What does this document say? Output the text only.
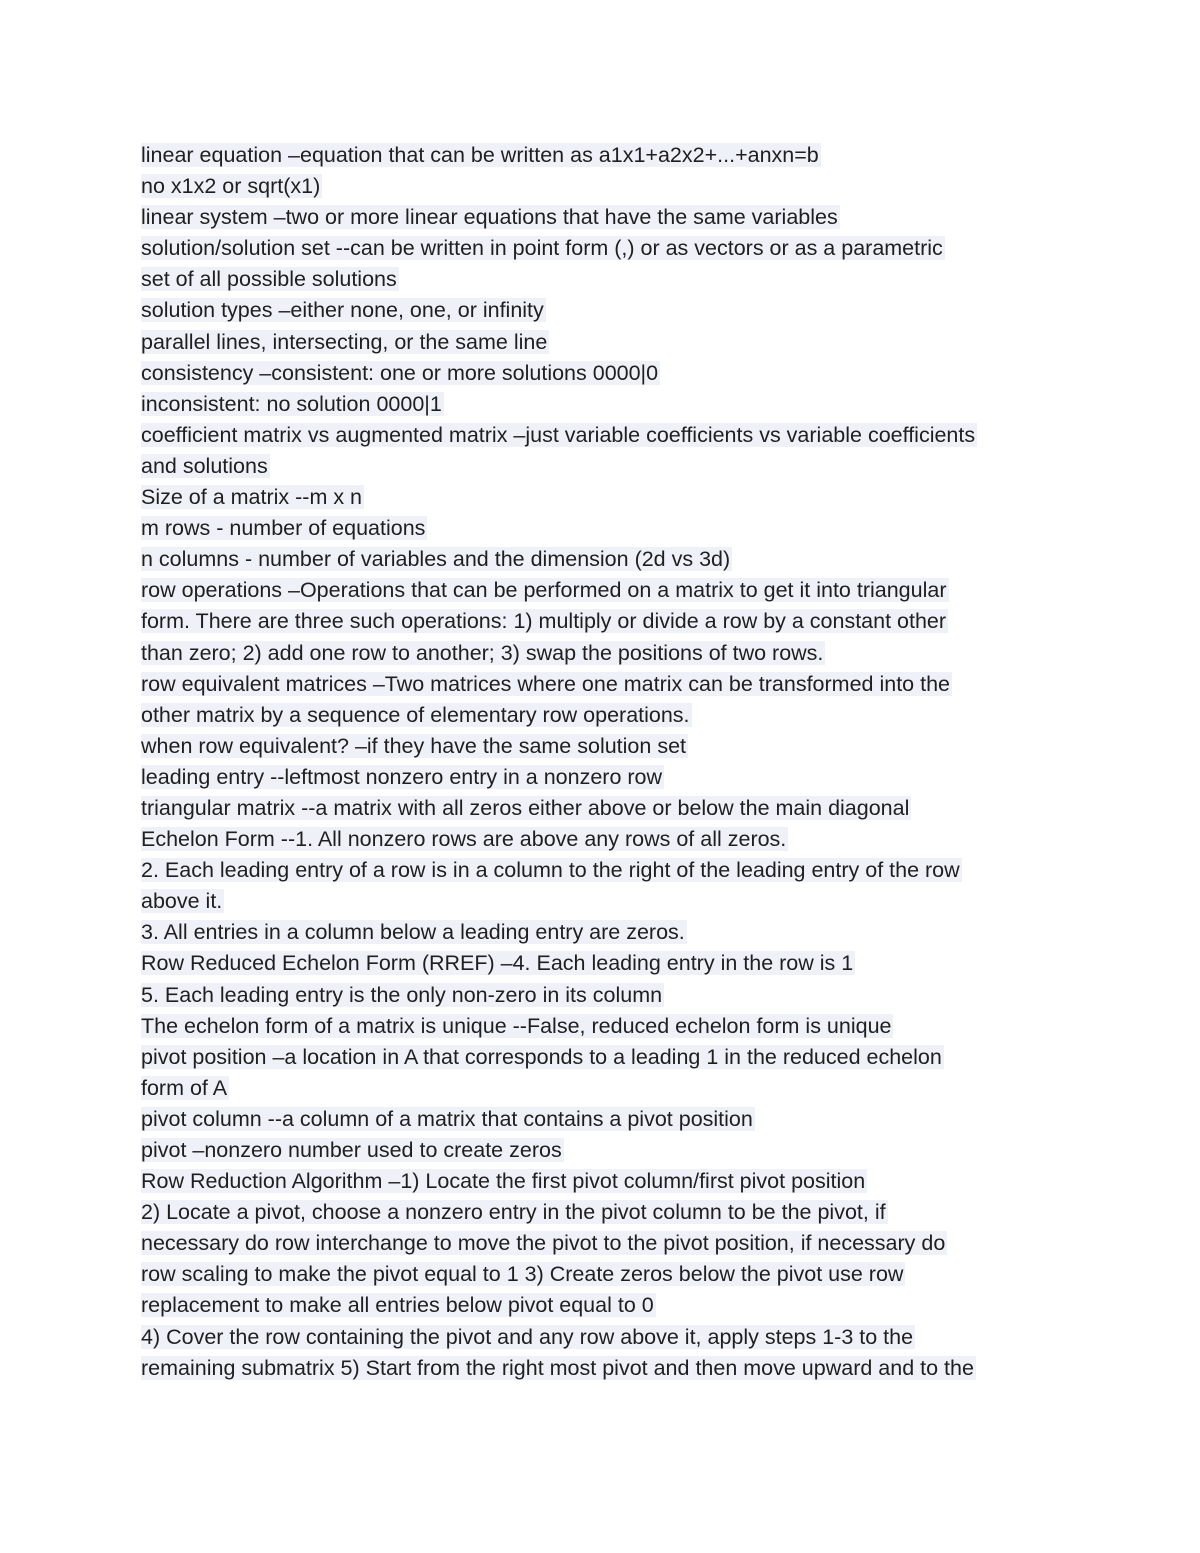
linear equation –equation that can be written as a1x1+a2x2+...+anxn=b
no x1x2 or sqrt(x1)
linear system –two or more linear equations that have the same variables
solution/solution set --can be written in point form (,) or as vectors or as a parametric
set of all possible solutions
solution types –either none, one, or infinity
parallel lines, intersecting, or the same line
consistency –consistent: one or more solutions 0000|0
inconsistent: no solution 0000|1
coefficient matrix vs augmented matrix –just variable coefficients vs variable coefficients
and solutions
Size of a matrix --m x n
m rows - number of equations
n columns - number of variables and the dimension (2d vs 3d)
row operations –Operations that can be performed on a matrix to get it into triangular
form. There are three such operations: 1) multiply or divide a row by a constant other
than zero; 2) add one row to another; 3) swap the positions of two rows.
row equivalent matrices –Two matrices where one matrix can be transformed into the
other matrix by a sequence of elementary row operations.
when row equivalent? –if they have the same solution set
leading entry --leftmost nonzero entry in a nonzero row
triangular matrix --a matrix with all zeros either above or below the main diagonal
Echelon Form --1. All nonzero rows are above any rows of all zeros.
2. Each leading entry of a row is in a column to the right of the leading entry of the row
above it.
3. All entries in a column below a leading entry are zeros.
Row Reduced Echelon Form (RREF) –4. Each leading entry in the row is 1
5. Each leading entry is the only non-zero in its column
The echelon form of a matrix is unique --False, reduced echelon form is unique
pivot position –a location in A that corresponds to a leading 1 in the reduced echelon
form of A
pivot column --a column of a matrix that contains a pivot position
pivot –nonzero number used to create zeros
Row Reduction Algorithm –1) Locate the first pivot column/first pivot position
2) Locate a pivot, choose a nonzero entry in the pivot column to be the pivot, if
necessary do row interchange to move the pivot to the pivot position, if necessary do
row scaling to make the pivot equal to 1 3) Create zeros below the pivot use row
replacement to make all entries below pivot equal to 0
4) Cover the row containing the pivot and any row above it, apply steps 1-3 to the
remaining submatrix 5) Start from the right most pivot and then move upward and to the
